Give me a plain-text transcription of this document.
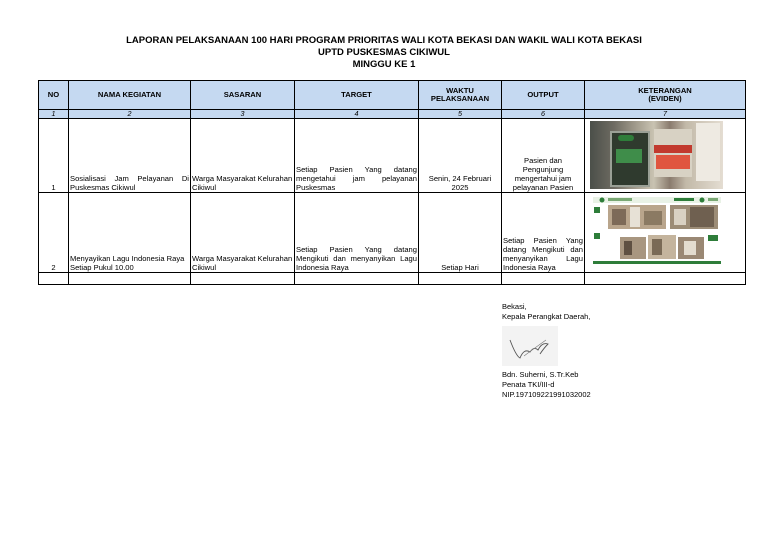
LAPORAN PELAKSANAAN 100 HARI PROGRAM PRIORITAS WALI KOTA BEKASI DAN WAKIL WALI KOTA BEKASI
UPTD PUSKESMAS CIKIWUL
MINGGU KE 1
NO	NAMA KEGIATAN	SASARAN	TARGET	WAKTU PELAKSANAAN	OUTPUT	KETERANGAN (EVIDEN)

1	2	3	4	5	6	7
1	Sosialisasi Jam Pelayanan Di Puskesmas Cikiwul	Warga Masyarakat Kelurahan Cikiwul	Setiap Pasien Yang datang mengetahui jam pelayanan Puskesmas	Senin, 24 Februari 2025	Pasien dan Pengunjung mengertahui jam pelayanan Pasien	

2	Menyayikan Lagu Indonesia Raya Setiap Pukul 10.00	Warga Masyarakat Kelurahan Cikiwul	Setiap Pasien Yang datang Mengikuti dan menyanyikan Lagu Indonesia Raya	Setiap Hari	Setiap Pasien Yang datang Mengikuti dan menyanyikan Lagu Indonesia Raya	

Bekasi,
Kepala Perangkat Daerah,
Bdn. Suherni, S.Tr.Keb
Penata TKI/III-d
NIP.197109221991032002
